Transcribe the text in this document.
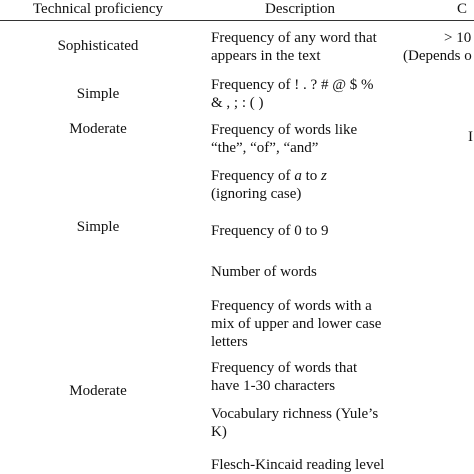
Technical proficiency	Description	C
Sophisticated
Simple
Moderate
Simple
Moderate
Frequency of any word that
appears in the text
Frequency of ! . ? # @ $ %
& , ; : ( )
Frequency of words like
“the”, “of”, “and”
Frequency of a to z
(ignoring case)
Frequency of 0 to 9
Number of words
Frequency of words with a
mix of upper and lower case
letters
Frequency of words that
have 1-30 characters
Vocabulary richness (Yule’s
K)
Flesch-Kincaid reading level
> 10
(Depends o
I
